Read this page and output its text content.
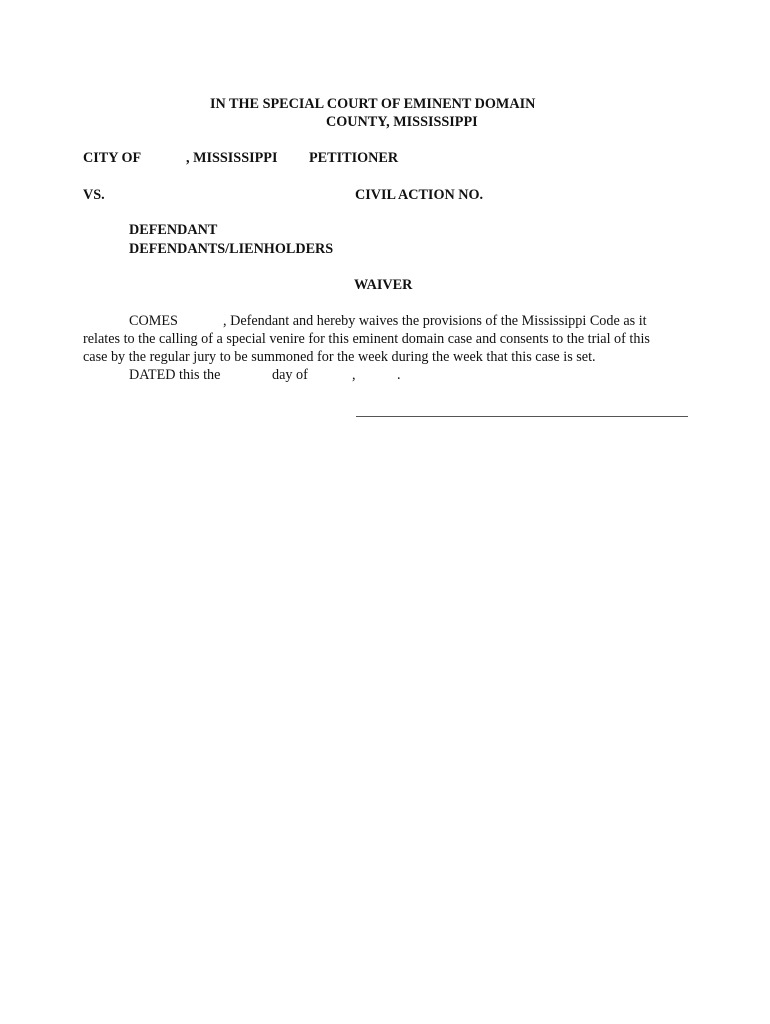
IN THE SPECIAL COURT OF EMINENT DOMAIN
COUNTY, MISSISSIPPI
CITY OF	, MISSISSIPPI PETITIONER
VS.	CIVIL ACTION NO.
DEFENDANT
DEFENDANTS/LIENHOLDERS
WAIVER
COMES	, Defendant and hereby waives the provisions of the Mississippi Code as it
relates to the calling of a special venire for this eminent domain case and consents to the trial of this
case by the regular jury to be summoned for the week during the week that this case is set.
DATED this the	day of	,	.
